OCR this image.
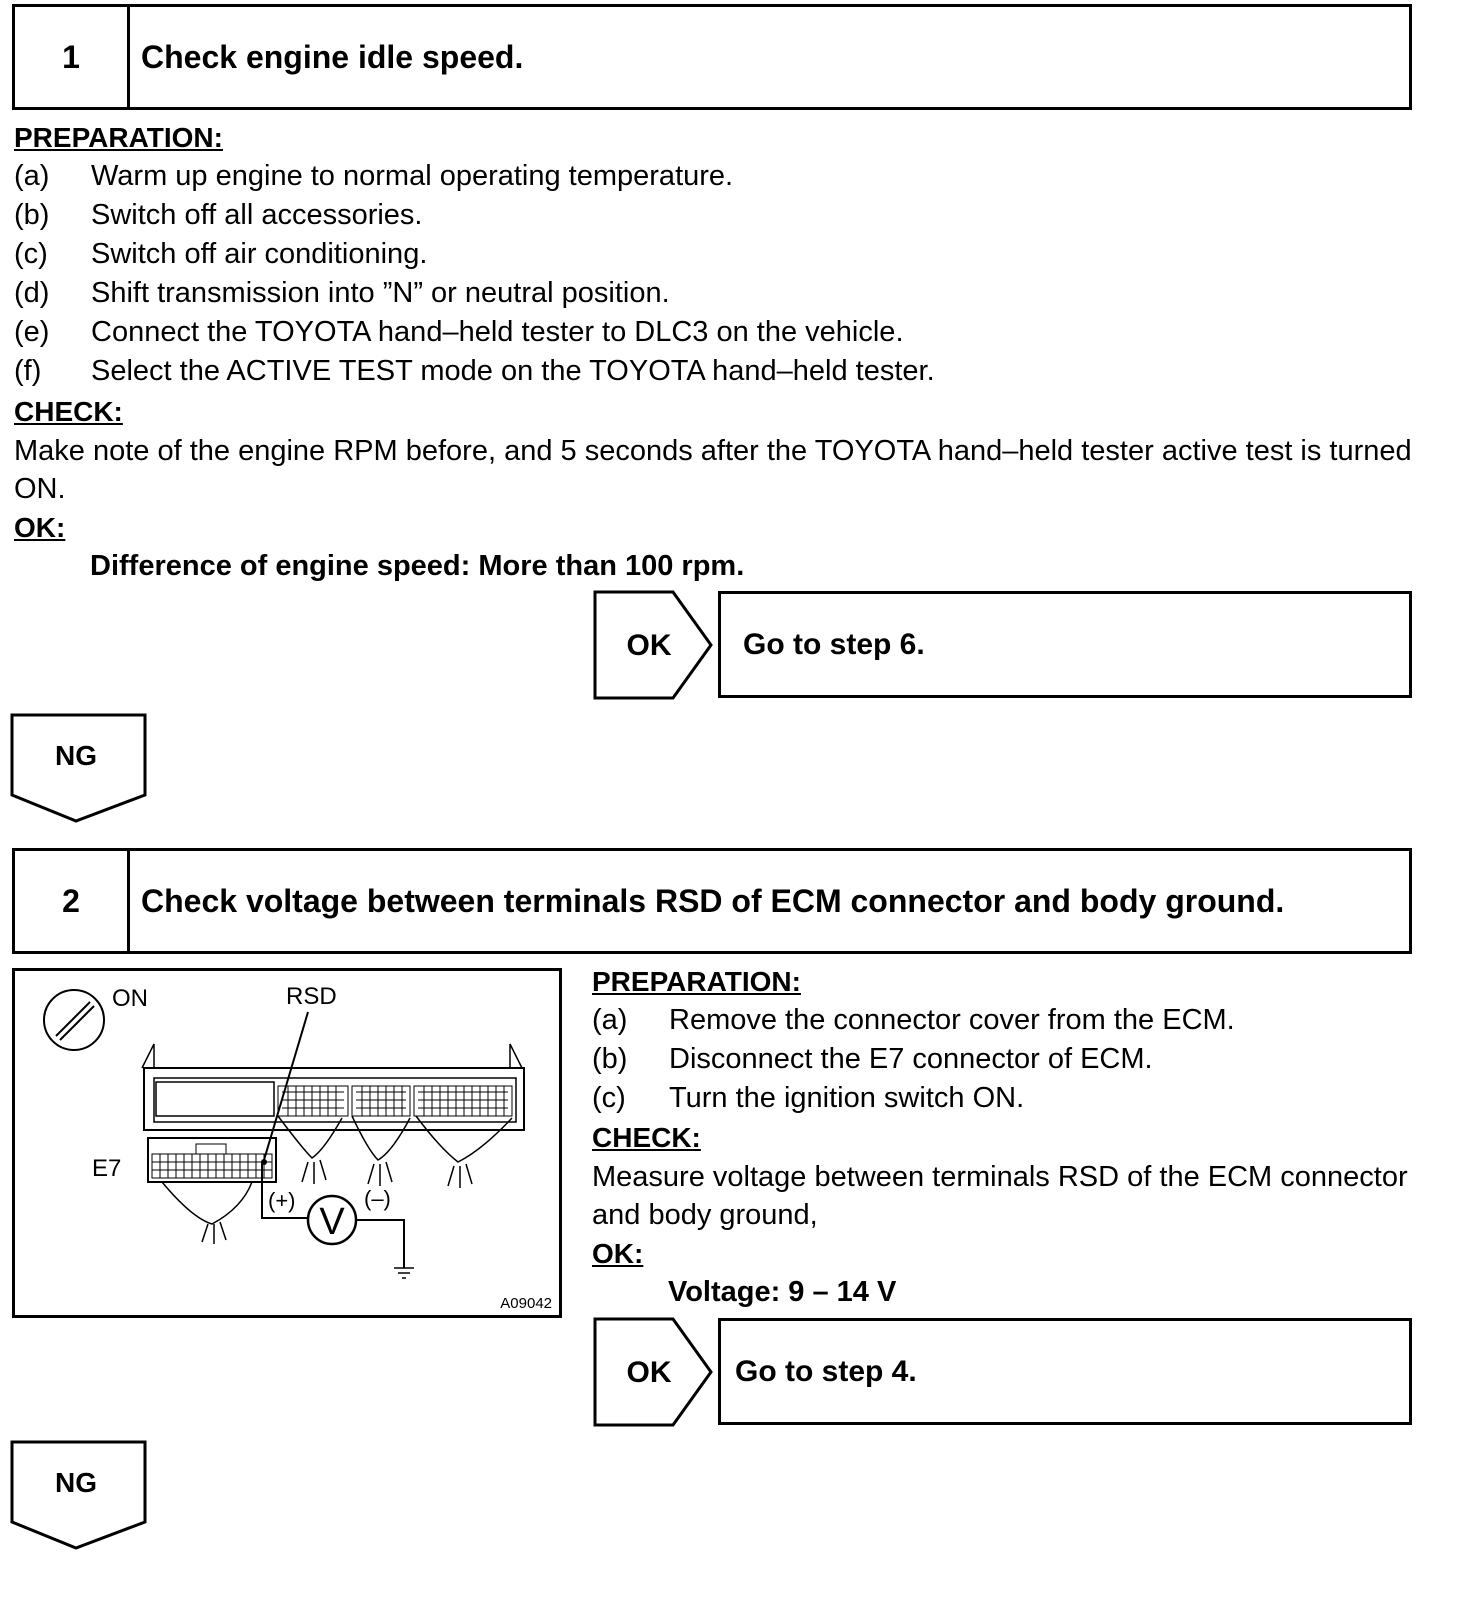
1	Check engine idle speed.
PREPARATION:
(a) Warm up engine to normal operating temperature.
(b) Switch off all accessories.
(c) Switch off air conditioning.
(d) Shift transmission into ”N” or neutral position.
(e) Connect the TOYOTA hand–held tester to DLC3 on the vehicle.
(f) Select the ACTIVE TEST mode on the TOYOTA hand–held tester.
CHECK:
Make note of the engine RPM before, and 5 seconds after the TOYOTA hand–held tester active test is turned ON.
OK:
Difference of engine speed: More than 100 rpm.
OK Go to step 6.
NG
2	Check voltage between terminals RSD of ECM connector and body ground.
ON	RSD
E7
V
(+)	(–)
A09042
PREPARATION:
(a) Remove the connector cover from the ECM.
(b) Disconnect the E7 connector of ECM.
(c) Turn the ignition switch ON.
CHECK:
Measure voltage between terminals RSD of the ECM connector and body ground,
OK:
Voltage: 9 – 14 V
OK Go to step 4.
NG
